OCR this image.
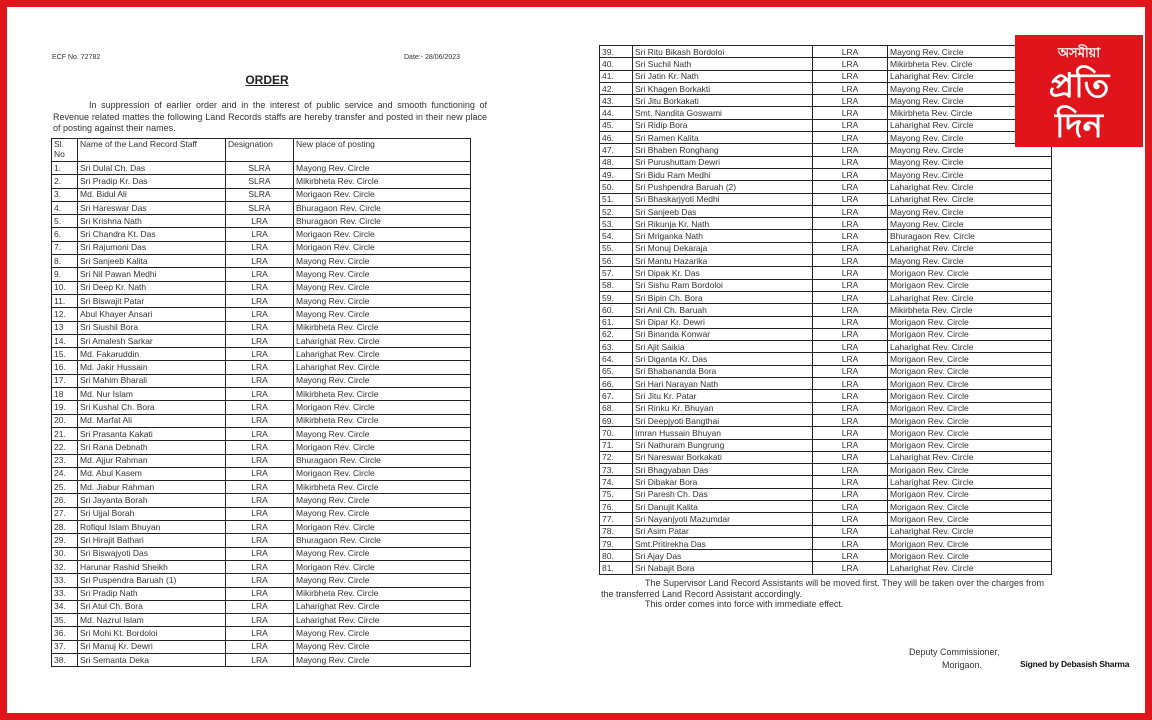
ECF No. 72782	Date:- 28/06/2023
ORDER
In suppression of earlier order and in the interest of public service and smooth functioning of Revenue related mattes the following Land Records staffs are hereby transfer and posted in their new place of posting against their names.
Sl. No	Name of the Land Record Staff	Designation	New place of posting
1.	Sri Dulal Ch. Das	SLRA	Mayong Rev. Circle
2.	Sri Pradip Kr. Das	SLRA	Mikirbheta Rev. Circle
3.	Md. Bidul Ali	SLRA	Morigaon Rev. Circle
4.	Sri Hareswar Das	SLRA	Bhuragaon Rev. Circle
5.	Sri Krishna Nath	LRA	Bhuragaon Rev. Circle
6.	Sri Chandra Kt. Das	LRA	Morigaon Rev. Circle
7.	Sri Rajumoni Das	LRA	Morigaon Rev. Circle
8.	Sri Sanjeeb Kalita	LRA	Mayong Rev. Circle
9.	Sri Nil Pawan Medhi	LRA	Mayong Rev. Circle
10.	Sri Deep Kr. Nath	LRA	Mayong Rev. Circle
11.	Sri Biswajit Patar	LRA	Mayong Rev. Circle
12.	Abul Khayer Ansari	LRA	Mayong Rev. Circle
13	Sri Siushil Bora	LRA	Mikirbheta Rev. Circle
14.	Sri Amalesh Sarkar	LRA	Laharighat Rev. Circle
15.	Md. Fakaruddin	LRA	Laharighat Rev. Circle
16.	Md. Jakir Hussain	LRA	Laharighat Rev. Circle
17.	Sri Mahim Bharali	LRA	Mayong Rev. Circle
18	Md. Nur Islam	LRA	Mikirbheta Rev. Circle
19.	Sri Kushal Ch. Bora	LRA	Morigaon Rev. Circle
20.	Md. Marfat Ali	LRA	Mikirbheta Rev. Circle
21.	Sri Prasanta Kakati	LRA	Mayong Rev. Circle
22.	Sri Rana Debnath	LRA	Morigaon Rev. Circle
23.	Md. Ajjur Rahman	LRA	Bhuragaon Rev. Circle
24.	Md. Abul Kasem	LRA	Morigaon Rev. Circle
25.	Md. Jiabur Rahman	LRA	Mikirbheta Rev. Circle
26.	Sri Jayanta Borah	LRA	Mayong Rev. Circle
27.	Sri Ujjal Borah	LRA	Mayong Rev. Circle
28.	Rofiqul Islam Bhuyan	LRA	Morigaon Rev. Circle
29.	Sri Hirajit Bathari	LRA	Bhuragaon Rev. Circle
30.	Sri Biswajyoti Das	LRA	Mayong Rev. Circle
32.	Harunar Rashid Sheikh	LRA	Morigaon Rev. Circle
33.	Sri Puspendra Baruah (1)	LRA	Mayong Rev. Circle
33.	Sri Pradip Nath	LRA	Mikirbheta Rev. Circle
34.	Sri Atul Ch. Bora	LRA	Laharighat Rev. Circle
35.	Md. Nazrul Islam	LRA	Laharighat Rev. Circle
36.	Sri Mohi Kt. Bordoloi	LRA	Mayong Rev. Circle
37.	Sri Manuj Kr. Dewri	LRA	Mayong Rev. Circle
38.	Sri Semanta Deka	LRA	Mayong Rev. Circle
39.	Sri Ritu Bikash Bordoloi	LRA	Mayong Rev. Circle
40.	Sri Suchil Nath	LRA	Mikirbheta Rev. Circle
41.	Sri Jatin Kr. Nath	LRA	Laharighat Rev. Circle
42.	Sri Khagen Borkakti	LRA	Mayong Rev. Circle
43.	Sri Jitu Borkakati	LRA	Mayong Rev. Circle
44.	Smt. Nandita Goswami	LRA	Mikirbheta Rev. Circle
45.	Sri Ridip Bora	LRA	Laharighat Rev. Circle
46.	Sri Ramen Kalita	LRA	Mayong Rev. Circle
47.	Sri Bhaben Ronghang	LRA	Mayong Rev. Circle
48.	Sri Purushuttam Dewri	LRA	Mayong Rev. Circle
49.	Sri Bidu Ram Medhi	LRA	Mayong Rev. Circle
50.	Sri Pushpendra Baruah (2)	LRA	Laharighat Rev. Circle
51.	Sri Bhaskarjyoti Medhi	LRA	Laharighat Rev. Circle
52.	Sri Sanjeeb Das	LRA	Mayong Rev. Circle
53.	Sri Rikunja Kr. Nath	LRA	Mayong Rev. Circle
54.	Sri Mriganka Nath	LRA	Bhuragaon Rev. Circle
55.	Sri Monuj Dekaraja	LRA	Laharighat Rev. Circle
56.	Sri Mantu Hazarika	LRA	Mayong Rev. Circle
57.	Sri Dipak Kr. Das	LRA	Morigaon Rev. Circle
58.	Sri Sishu Ram Bordoloi	LRA	Morigaon Rev. Circle
59.	Sri Bipin Ch. Bora	LRA	Laharighat Rev. Circle
60.	Sri Anil Ch. Baruah	LRA	Mikirbheta Rev. Circle
61.	Sri Dipar Kr. Dewri	LRA	Morigaon Rev. Circle
62.	Sri Binanda Konwar	LRA	Morigaon Rev. Circle
63.	Sri Ajit Saikia	LRA	Laharighat Rev. Circle
64.	Sri Diganta Kr. Das	LRA	Morigaon Rev. Circle
65.	Sri Bhabananda Bora	LRA	Morigaon Rev. Circle
66.	Sri Hari Narayan Nath	LRA	Morigaon Rev. Circle
67.	Sri Jitu Kr. Patar	LRA	Morigaon Rev. Circle
68.	Sri Rinku Kr. Bhuyan	LRA	Morigaon Rev. Circle
69.	Sri Deepjyoti Bangthai	LRA	Morigaon Rev. Circle
70.	Imran Hussain Bhuyan	LRA	Morigaon Rev. Circle
71.	Sri Nathuram Bungrung	LRA	Morigaon Rev. Circle
72.	Sri Nareswar Borkakati	LRA	Laharighat Rev. Circle
73.	Sri Bhagyaban Das	LRA	Morigaon Rev. Circle
74.	Sri Dibakar Bora	LRA	Laharighat Rev. Circle
75.	Sri Paresh Ch. Das	LRA	Morigaon Rev. Circle
76.	Sri Danujit Kalita	LRA	Morigaon Rev. Circle
77.	Sri Nayanjyoti Mazumdar	LRA	Morigaon Rev. Circle
78.	Sri Asim Patar	LRA	Laharighat Rev. Circle
79.	Smt.Pritirekha Das	LRA	Morigaon Rev. Circle
80.	Sri Ajay Das	LRA	Morigaon Rev. Circle
81.	Sri Nabajit Bora	LRA	Laharighat Rev. Circle

The Supervisor Land Record Assistants will be moved first. They will be taken over the charges from the transferred Land Record Assistant accordingly.

This order comes into force with immediate effect.

Deputy Commissioner,
Morigaon.	Signed by Debasish Sharma
অসমীয়া
প্ৰতি
দিন
